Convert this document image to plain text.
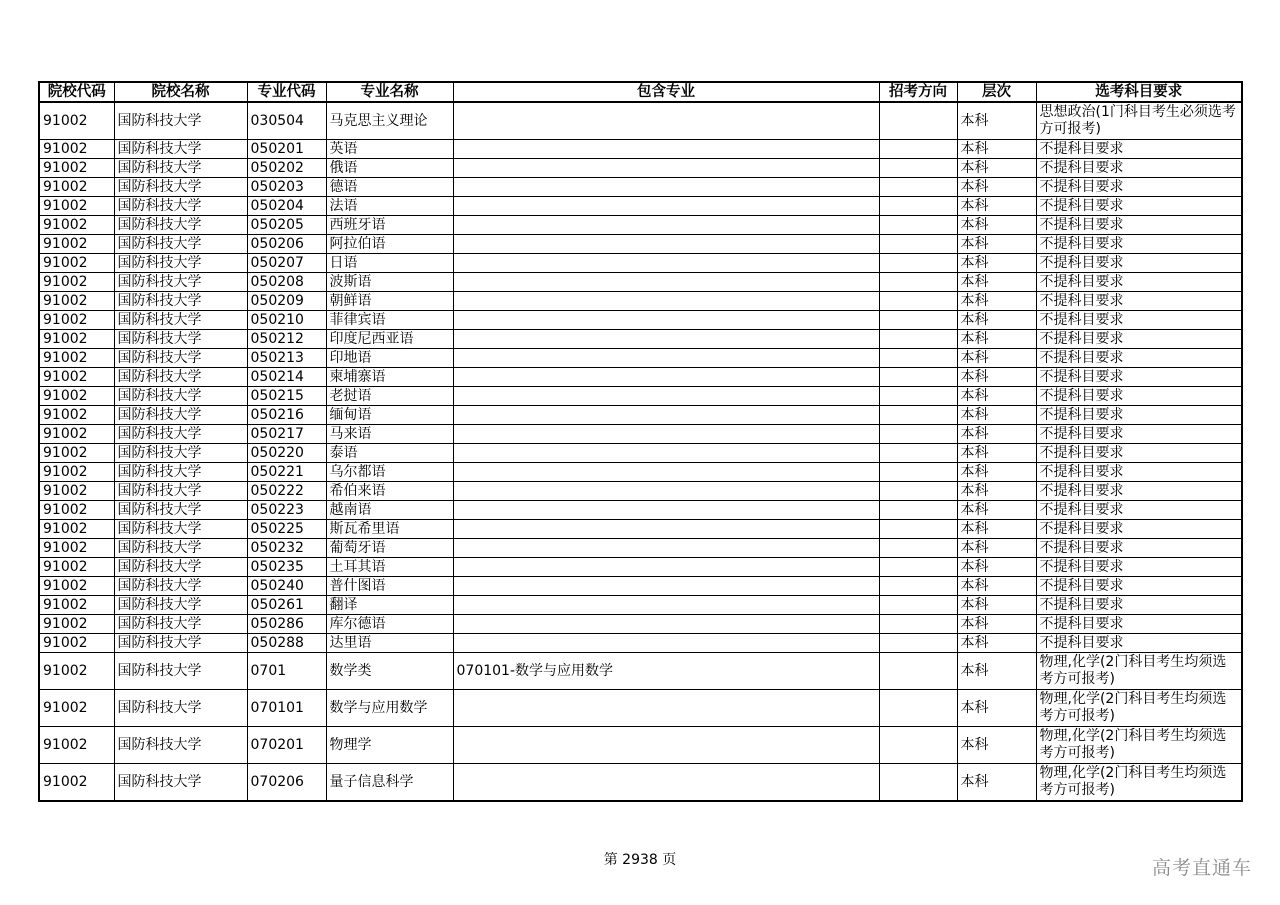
院校代码	院校名称	专业代码	专业名称	包含专业	招考方向	层次	选考科目要求
91002	国防科技大学	030504	马克思主义理论			本科	思想政治(1门科目考生必须选考方可报考)
91002	国防科技大学	050201	英语			本科	不提科目要求
91002	国防科技大学	050202	俄语			本科	不提科目要求
91002	国防科技大学	050203	德语			本科	不提科目要求
91002	国防科技大学	050204	法语			本科	不提科目要求
91002	国防科技大学	050205	西班牙语			本科	不提科目要求
91002	国防科技大学	050206	阿拉伯语			本科	不提科目要求
91002	国防科技大学	050207	日语			本科	不提科目要求
91002	国防科技大学	050208	波斯语			本科	不提科目要求
91002	国防科技大学	050209	朝鲜语			本科	不提科目要求
91002	国防科技大学	050210	菲律宾语			本科	不提科目要求
91002	国防科技大学	050212	印度尼西亚语			本科	不提科目要求
91002	国防科技大学	050213	印地语			本科	不提科目要求
91002	国防科技大学	050214	柬埔寨语			本科	不提科目要求
91002	国防科技大学	050215	老挝语			本科	不提科目要求
91002	国防科技大学	050216	缅甸语			本科	不提科目要求
91002	国防科技大学	050217	马来语			本科	不提科目要求
91002	国防科技大学	050220	泰语			本科	不提科目要求
91002	国防科技大学	050221	乌尔都语			本科	不提科目要求
91002	国防科技大学	050222	希伯来语			本科	不提科目要求
91002	国防科技大学	050223	越南语			本科	不提科目要求
91002	国防科技大学	050225	斯瓦希里语			本科	不提科目要求
91002	国防科技大学	050232	葡萄牙语			本科	不提科目要求
91002	国防科技大学	050235	土耳其语			本科	不提科目要求
91002	国防科技大学	050240	普什图语			本科	不提科目要求
91002	国防科技大学	050261	翻译			本科	不提科目要求
91002	国防科技大学	050286	库尔德语			本科	不提科目要求
91002	国防科技大学	050288	达里语			本科	不提科目要求
91002	国防科技大学	0701	数学类	070101-数学与应用数学		本科	物理,化学(2门科目考生均须选考方可报考)
91002	国防科技大学	070101	数学与应用数学			本科	物理,化学(2门科目考生均须选考方可报考)
91002	国防科技大学	070201	物理学			本科	物理,化学(2门科目考生均须选考方可报考)
91002	国防科技大学	070206	量子信息科学			本科	物理,化学(2门科目考生均须选考方可报考)
第 2938 页	高考直通车
